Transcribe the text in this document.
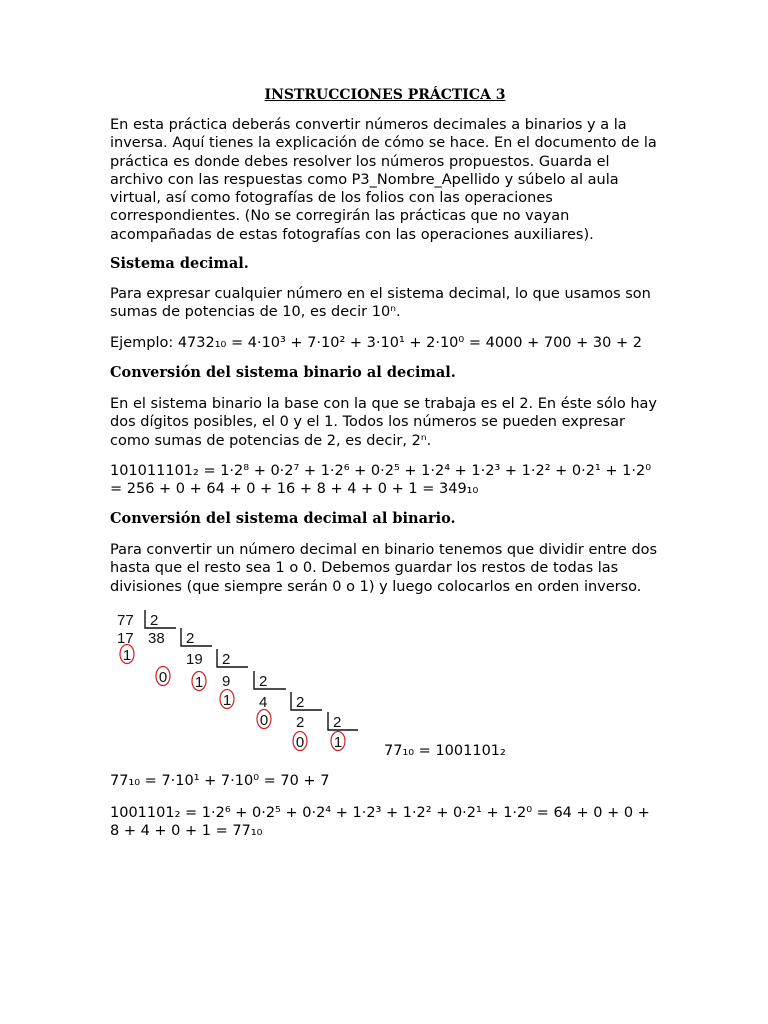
INSTRUCCIONES PRÁCTICA 3

En esta práctica deberás convertir números decimales a binarios y a la inversa. Aquí tienes la explicación de cómo se hace. En el documento de la práctica es donde debes resolver los números propuestos. Guarda el archivo con las respuestas como P3_Nombre_Apellido y súbelo al aula virtual, así como fotografías de los folios con las operaciones correspondientes. (No se corregirán las prácticas que no vayan acompañadas de estas fotografías con las operaciones auxiliares).

Sistema decimal.

Para expresar cualquier número en el sistema decimal, lo que usamos son sumas de potencias de 10, es decir 10ⁿ.

Ejemplo: 4732₁₀ = 4·10³ + 7·10² + 3·10¹ + 2·10⁰ = 4000 + 700 + 30 + 2

Conversión del sistema binario al decimal.

En el sistema binario la base con la que se trabaja es el 2. En éste sólo hay dos dígitos posibles, el 0 y el 1. Todos los números se pueden expresar como sumas de potencias de 2, es decir, 2ⁿ.

101011101₂ = 1·2⁸ + 0·2⁷ + 1·2⁶ + 0·2⁵ + 1·2⁴ + 1·2³ + 1·2² + 0·2¹ + 1·2⁰ = 256 + 0 + 64 + 0 + 16 + 8 + 4 + 0 + 1 = 349₁₀

Conversión del sistema decimal al binario.

Para convertir un número decimal en binario tenemos que dividir entre dos hasta que el resto sea 1 o 0. Debemos guardar los restos de todas las divisiones (que siempre serán 0 o 1) y luego colocarlos en orden inverso.

77₁₀ = 1001101₂

77₁₀ = 7·10¹ + 7·10⁰ = 70 + 7

1001101₂ = 1·2⁶ + 0·2⁵ + 0·2⁴ + 1·2³ + 1·2² + 0·2¹ + 1·2⁰ = 64 + 0 + 0 + 8 + 4 + 0 + 1 = 77₁₀

77
38
19
9
4
2
2
2
2
2
2
2
17
1
0 1
1
0
0 1
